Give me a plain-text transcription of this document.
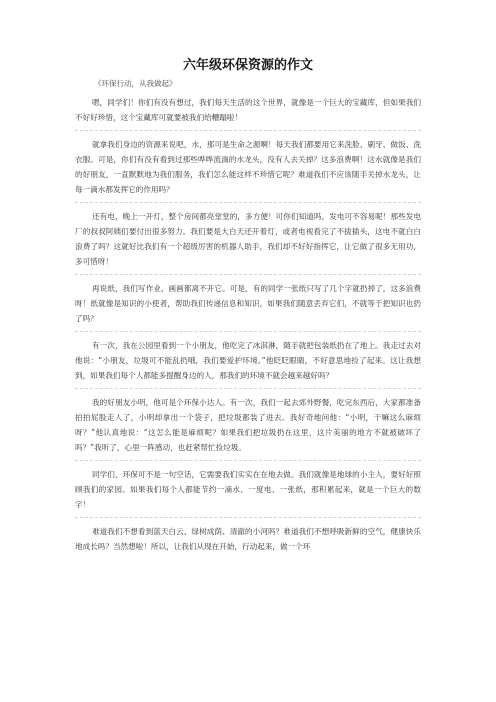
六年级环保资源的作文
《环保行动，从我做起》

嗯，同学们！你们有没有想过，我们每天生活的这个世界，就像是一个巨大的宝藏库，但如果我们不好好珍惜，这个宝藏库可就要被我们给糟蹋啦！

就拿我们身边的资源来说吧，水，那可是生命之源啊！每天我们都要用它来洗脸、刷牙、做饭、洗衣服。可是，你们有没有看到过那些哗哗流淌的水龙头，没有人去关掉？这多浪费啊！这水就像是我们的好朋友，一直默默地为我们服务，我们怎么能这样不珍惜它呢？难道我们不应该随手关掉水龙头，让每一滴水都发挥它的作用吗？

还有电，晚上一开灯，整个房间都亮堂堂的，多方便！可你们知道吗，发电可不容易呢！那些发电厂的叔叔阿姨们要付出很多努力。我们要是大白天还开着灯，或者电视看完了不拔插头，这电不就白白浪费了吗？这就好比我们有一个超级厉害的机器人助手，我们却不好好指挥它，让它做了很多无用功，多可惜呀！

再说纸，我们写作业、画画都离不开它。可是，有的同学一张纸只写了几个字就扔掉了，这多浪费呀！纸就像是知识的小使者，帮助我们传递信息和知识，如果我们随意丢弃它们，不就等于把知识也扔了吗？

有一次，我在公园里看到一个小朋友，他吃完了冰淇淋，随手就把包装纸扔在了地上。我走过去对他说：“小朋友，垃圾可不能乱扔哦，我们要爱护环境。”他眨眨眼睛，不好意思地捡了起来。这让我想到，如果我们每个人都能多提醒身边的人，那我们的环境不就会越来越好吗？

我的好朋友小明，他可是个环保小达人。有一次，我们一起去郊外野餐，吃完东西后，大家都准备拍拍屁股走人了，小明却拿出一个袋子，把垃圾都装了进去。我好奇地问他：“小明，干嘛这么麻烦呀？”他认真地说：“这怎么能是麻烦呢？如果我们把垃圾扔在这里，这片美丽的地方不就被破坏了吗？”我听了，心里一阵感动，也赶紧帮忙捡垃圾。

同学们，环保可不是一句空话，它需要我们实实在在地去做。我们就像是地球的小主人，要好好照顾我们的家园。如果我们每个人都能节约一滴水、一度电、一张纸，那积累起来，就是一个巨大的数字！

难道我们不想看到蓝天白云、绿树成荫、清澈的小河吗？难道我们不想呼吸新鲜的空气，健康快乐地成长吗？当然想啦！所以，让我们从现在开始，行动起来，做一个环
